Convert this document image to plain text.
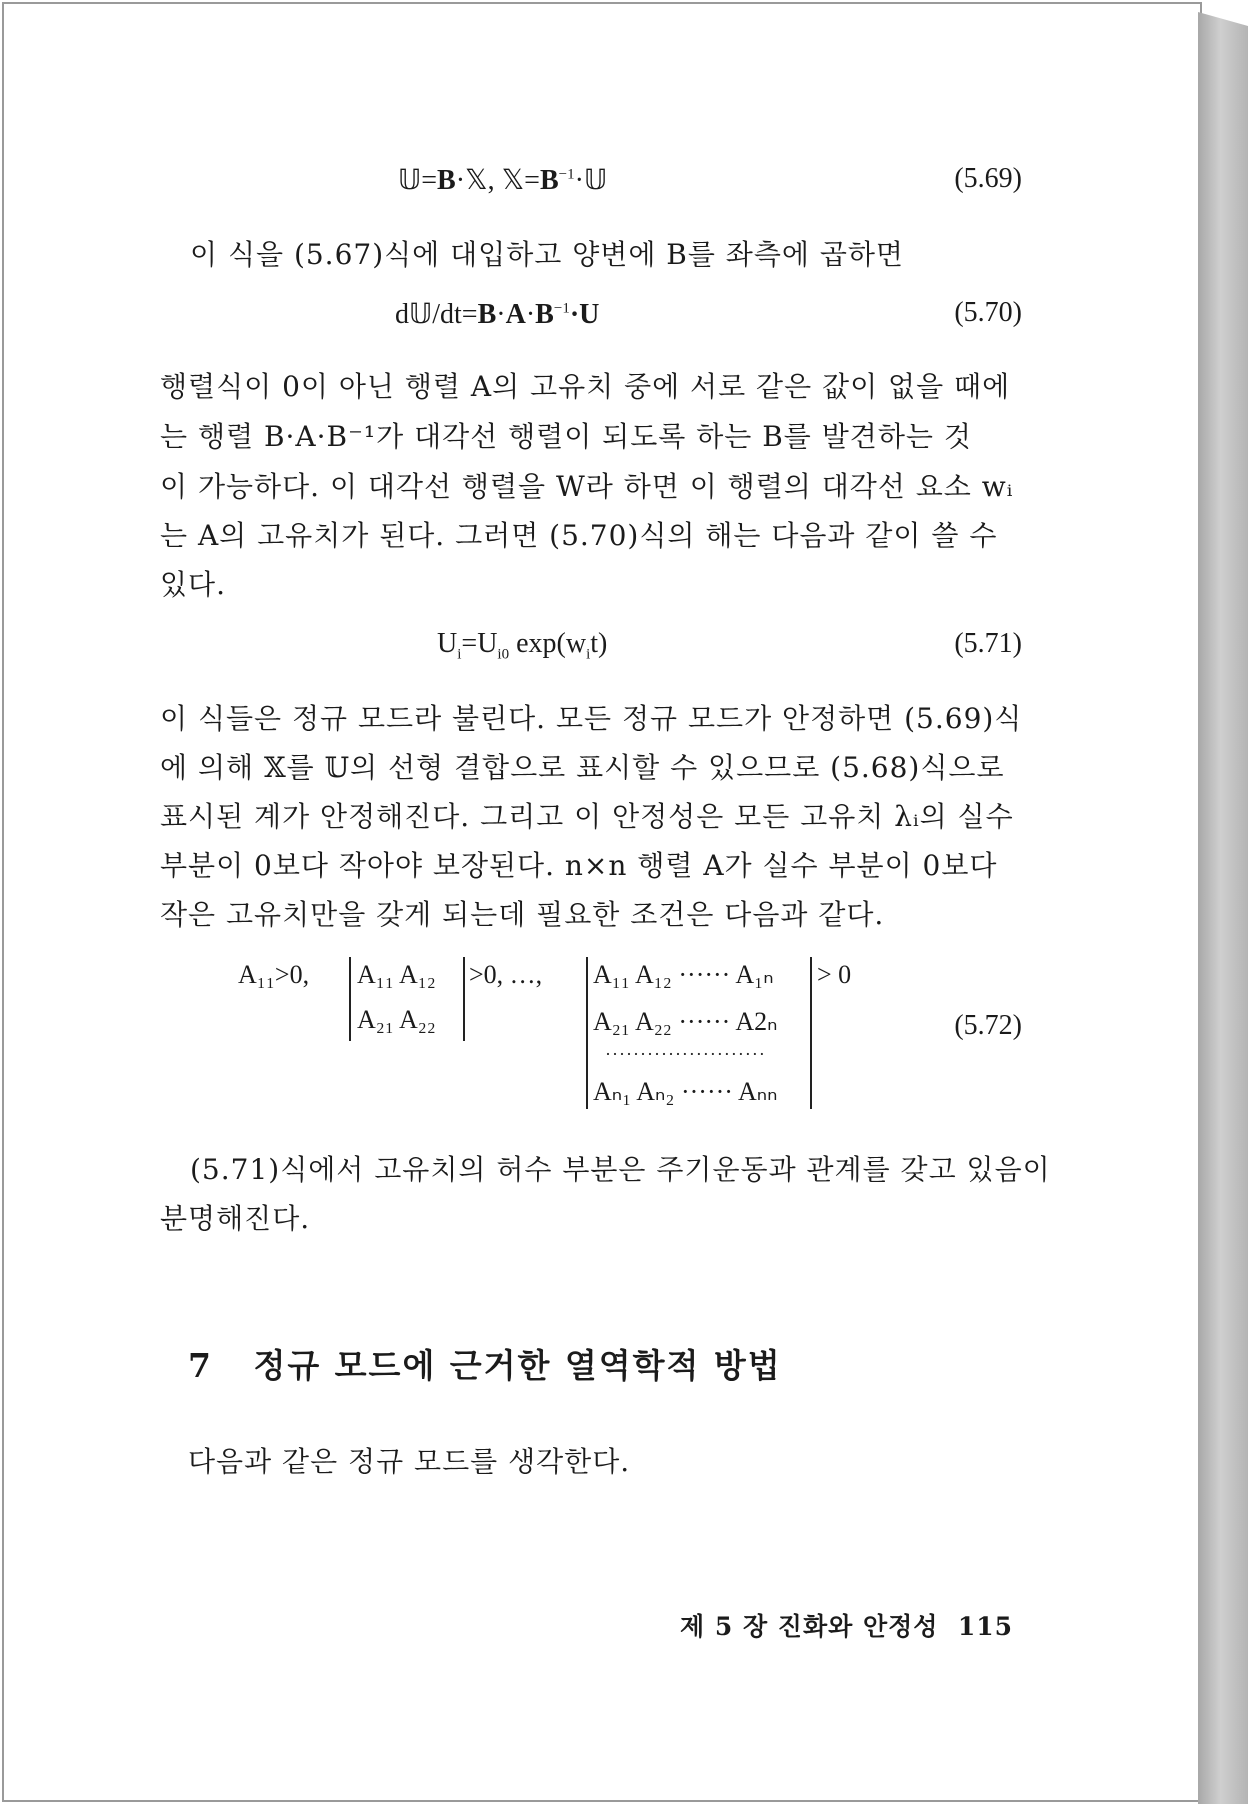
𝕌=B·𝕏, $𝕏=B^{-1}\cdot 𝕌$	(5.69)
이 식을 (5.67)식에 대입하고 양변에 B를 좌측에 곱하면
$d𝕌/dt=B\cdot A\cdot B^{-1}\cdot U$	(5.70)
행렬식이 0이 아닌 행렬 A의 고유치 중에 서로 같은 값이 없을 때에
는 행렬 B·A·B⁻¹가 대각선 행렬이 되도록 하는 B를 발견하는 것
이 가능하다. 이 대각선 행렬을 W라 하면 이 행렬의 대각선 요소 wᵢ
는 A의 고유치가 된다. 그러면 (5.70)식의 해는 다음과 같이 쓸 수
있다.
$U_i=U_{i0}$ $\exp(w_it)$	(5.71)
이 식들은 정규 모드라 불린다. 모든 정규 모드가 안정하면 (5.69)식
에 의해 𝕏를 𝕌의 선형 결합으로 표시할 수 있으므로 (5.68)식으로
표시된 계가 안정해진다. 그리고 이 안정성은 모든 고유치 λᵢ의 실수
부분이 0보다 작아야 보장된다. n×n 행렬 A가 실수 부분이 0보다
작은 고유치만을 갖게 되는데 필요한 조건은 다음과 같다.
A₁₁>0, A₁₁ A₁₂
A₂₁ A₂₂
>0, …, A₁₁ A₁₂ ······ A₁ₙ
A₂₁ A₂₂ ······ A2ₙ
·······················
Aₙ₁ Aₙ₂ ······ Aₙₙ
> 0
(5.72)
(5.71)식에서 고유치의 허수 부분은 주기운동과 관계를 갖고 있음이
분명해진다.
7 정규 모드에 근거한 열역학적 방법
다음과 같은 정규 모드를 생각한다.
제 5 장 진화와 안정성 115
